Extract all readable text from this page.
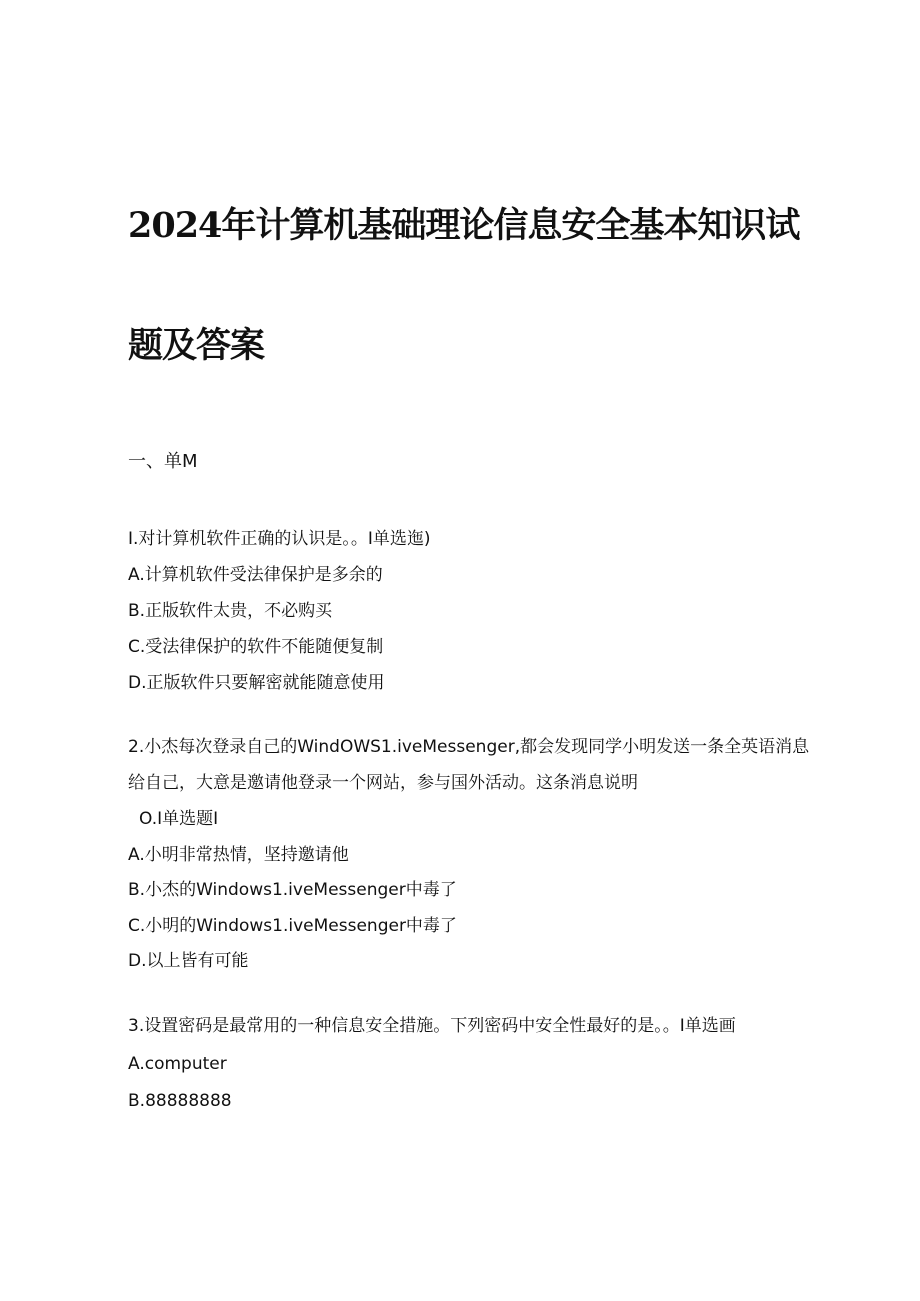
2024年计算机基础理论信息安全基本知识试
题及答案
一、单M
I.对计算机软件正确的认识是。。I单选迤)
A.计算机软件受法律保护是多余的
B.正版软件太贵，不必购买
C.受法律保护的软件不能随便复制
D.正版软件只要解密就能随意使用
2.小杰每次登录自己的WindOWS1.iveMessenger,都会发现同学小明发送一条全英语消息
给自己，大意是邀请他登录一个网站，参与国外活动。这条消息说明
O.I单选题I
A.小明非常热情，坚持邀请他
B.小杰的Windows1.iveMessenger中毒了
C.小明的Windows1.iveMessenger中毒了
D.以上皆有可能
3.设置密码是最常用的一种信息安全措施。下列密码中安全性最好的是。。I单选画
A.computer
B.88888888
